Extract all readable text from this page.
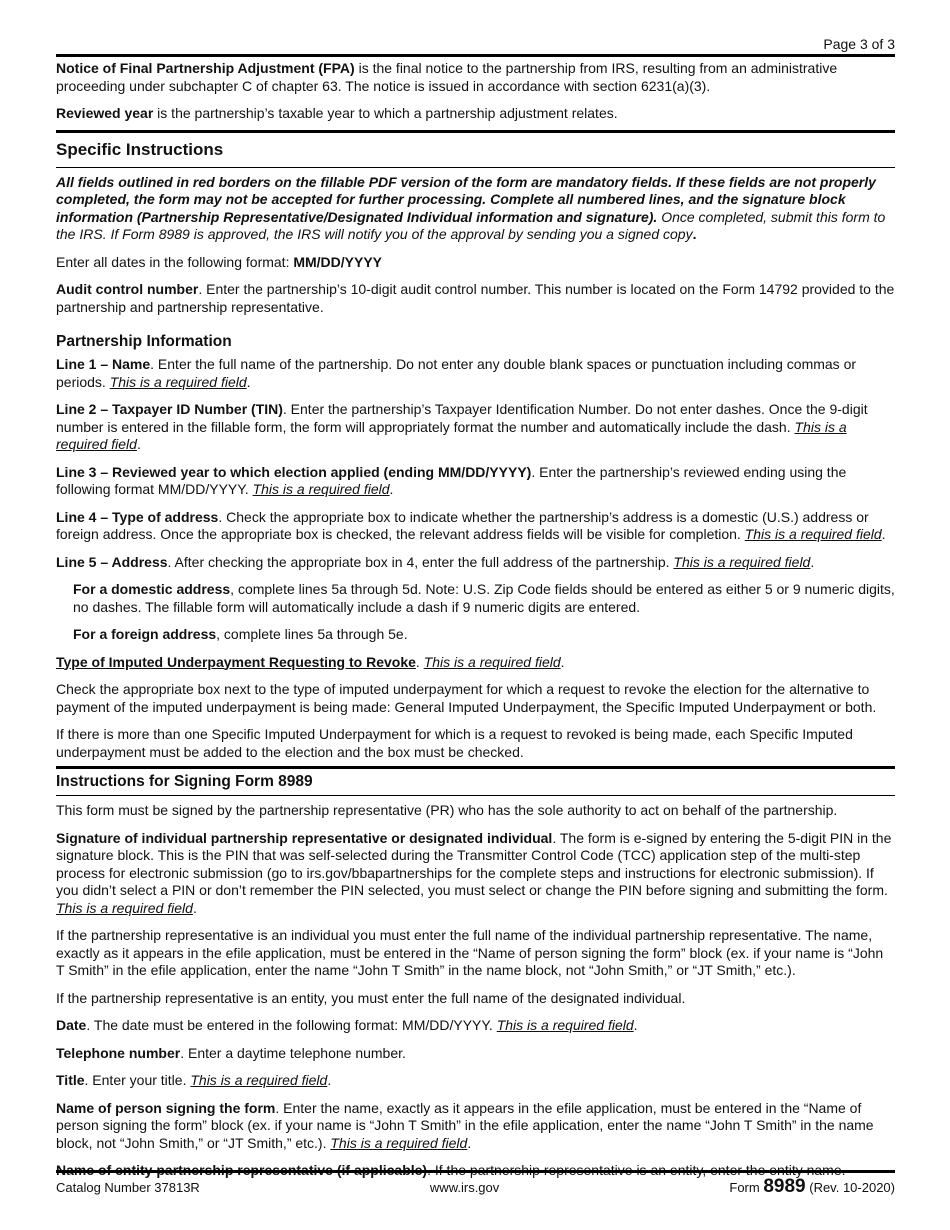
Page 3 of 3

Notice of Final Partnership Adjustment (FPA) is the final notice to the partnership from IRS, resulting from an administrative proceeding under subchapter C of chapter 63. The notice is issued in accordance with section 6231(a)(3).

Reviewed year is the partnership’s taxable year to which a partnership adjustment relates.

Specific Instructions

All fields outlined in red borders on the fillable PDF version of the form are mandatory fields. If these fields are not properly completed, the form may not be accepted for further processing. Complete all numbered lines, and the signature block information (Partnership Representative/Designated Individual information and signature). Once completed, submit this form to the IRS. If Form 8989 is approved, the IRS will notify you of the approval by sending you a signed copy.

Enter all dates in the following format: MM/DD/YYYY

Audit control number. Enter the partnership’s 10-digit audit control number. This number is located on the Form 14792 provided to the partnership and partnership representative.

Partnership Information

Line 1 – Name. Enter the full name of the partnership. Do not enter any double blank spaces or punctuation including commas or periods. This is a required field.

Line 2 – Taxpayer ID Number (TIN). Enter the partnership’s Taxpayer Identification Number. Do not enter dashes. Once the 9-digit number is entered in the fillable form, the form will appropriately format the number and automatically include the dash. This is a required field.

Line 3 – Reviewed year to which election applied (ending MM/DD/YYYY). Enter the partnership’s reviewed ending using the following format MM/DD/YYYY. This is a required field.

Line 4 – Type of address. Check the appropriate box to indicate whether the partnership’s address is a domestic (U.S.) address or foreign address. Once the appropriate box is checked, the relevant address fields will be visible for completion. This is a required field.

Line 5 – Address. After checking the appropriate box in 4, enter the full address of the partnership. This is a required field.

For a domestic address, complete lines 5a through 5d. Note: U.S. Zip Code fields should be entered as either 5 or 9 numeric digits, no dashes. The fillable form will automatically include a dash if 9 numeric digits are entered.

For a foreign address, complete lines 5a through 5e.

Type of Imputed Underpayment Requesting to Revoke. This is a required field.

Check the appropriate box next to the type of imputed underpayment for which a request to revoke the election for the alternative to payment of the imputed underpayment is being made: General Imputed Underpayment, the Specific Imputed Underpayment or both.

If there is more than one Specific Imputed Underpayment for which is a request to revoked is being made, each Specific Imputed underpayment must be added to the election and the box must be checked.

Instructions for Signing Form 8989

This form must be signed by the partnership representative (PR) who has the sole authority to act on behalf of the partnership.

Signature of individual partnership representative or designated individual. The form is e-signed by entering the 5-digit PIN in the signature block. This is the PIN that was self-selected during the Transmitter Control Code (TCC) application step of the multi-step process for electronic submission (go to irs.gov/bbapartnerships for the complete steps and instructions for electronic submission). If you didn’t select a PIN or don’t remember the PIN selected, you must select or change the PIN before signing and submitting the form. This is a required field.

If the partnership representative is an individual you must enter the full name of the individual partnership representative. The name, exactly as it appears in the efile application, must be entered in the “Name of person signing the form” block (ex. if your name is “John T Smith” in the efile application, enter the name “John T Smith” in the name block, not “John Smith,” or “JT Smith,” etc.).

If the partnership representative is an entity, you must enter the full name of the designated individual.

Date. The date must be entered in the following format: MM/DD/YYYY. This is a required field.

Telephone number. Enter a daytime telephone number.

Title. Enter your title. This is a required field.

Name of person signing the form. Enter the name, exactly as it appears in the efile application, must be entered in the “Name of person signing the form” block (ex. if your name is “John T Smith” in the efile application, enter the name “John T Smith” in the name block, not “John Smith,” or “JT Smith,” etc.). This is a required field.

Name of entity partnership representative (if applicable). If the partnership representative is an entity, enter the entity name.

Catalog Number 37813R	www.irs.gov	Form 8989 (Rev. 10-2020)
